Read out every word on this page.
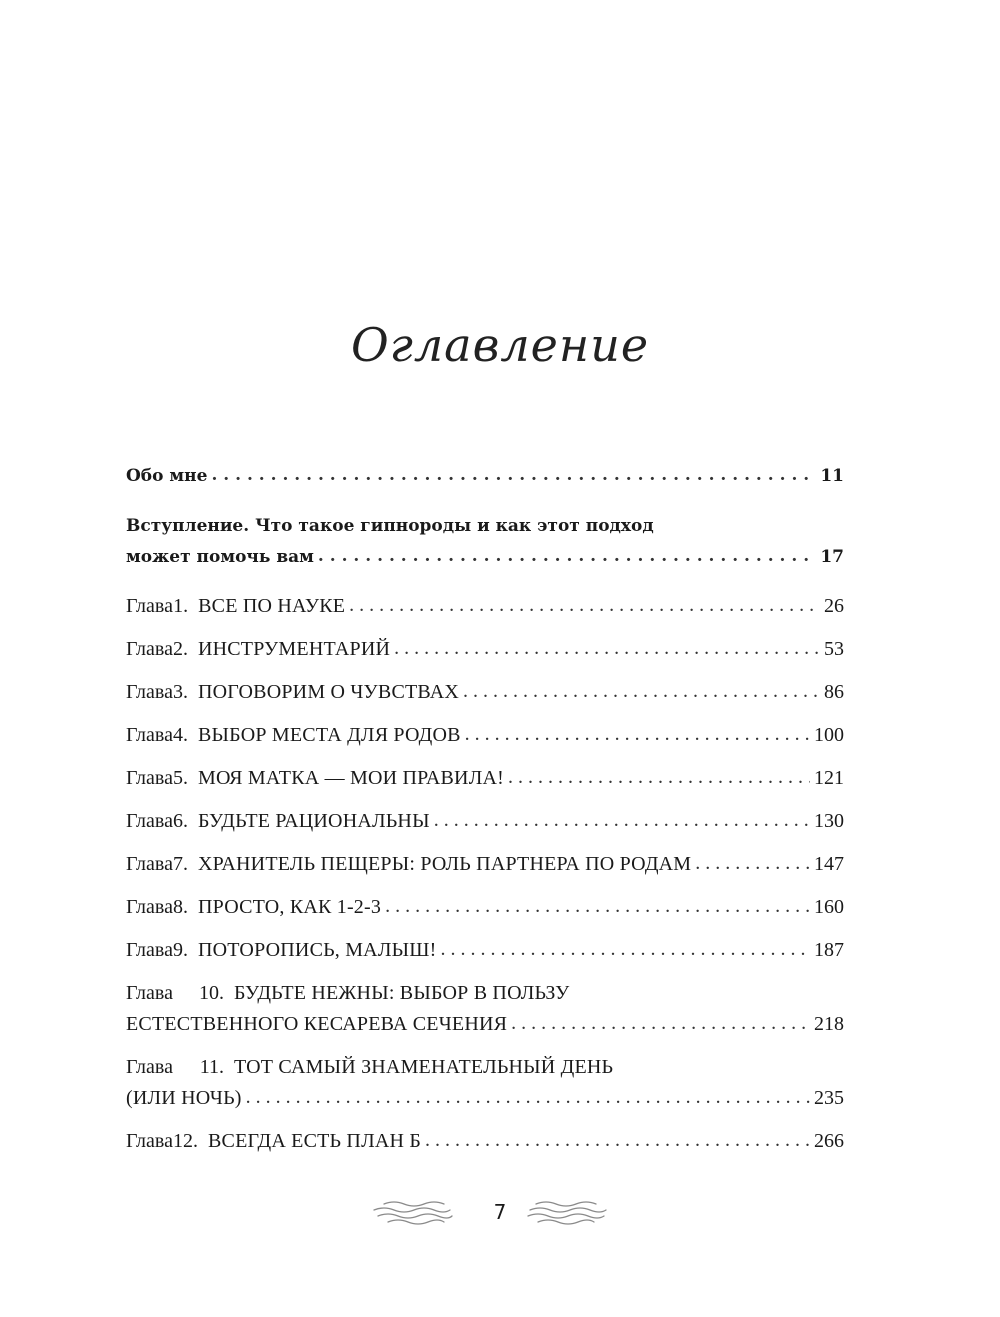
Оглавление
Обо мне . . .	11
Вступление. Что такое гипнороды и как этот подход
может помочь вам . . .	17
Глава 1. ВСЕ ПО НАУКЕ . . .	26
Глава 2. ИНСТРУМЕНТАРИЙ . . .	53
Глава 3. ПОГОВОРИМ О ЧУВСТВАХ . . .	86
Глава 4. ВЫБОР МЕСТА ДЛЯ РОДОВ . . .	100
Глава 5. МОЯ МАТКА — МОИ ПРАВИЛА! . . .	121
Глава 6. БУДЬТЕ РАЦИОНАЛЬНЫ . . .	130
Глава 7. ХРАНИТЕЛЬ ПЕЩЕРЫ: РОЛЬ ПАРТНЕРА ПО РОДАМ . . .	147
Глава 8. ПРОСТО, КАК 1-2-3 . . .	160
Глава 9. ПОТОРОПИСЬ, МАЛЫШ! . . .	187
Глава	10. БУДЬТЕ НЕЖНЫ: ВЫБОР В ПОЛЬЗУ
ЕСТЕСТВЕННОГО КЕСАРЕВА СЕЧЕНИЯ . . .	218
Глава	11. ТОТ САМЫЙ ЗНАМЕНАТЕЛЬНЫЙ ДЕНЬ
(ИЛИ НОЧЬ) . . .	235
Глава 12. ВСЕГДА ЕСТЬ ПЛАН Б . . .	266
7
